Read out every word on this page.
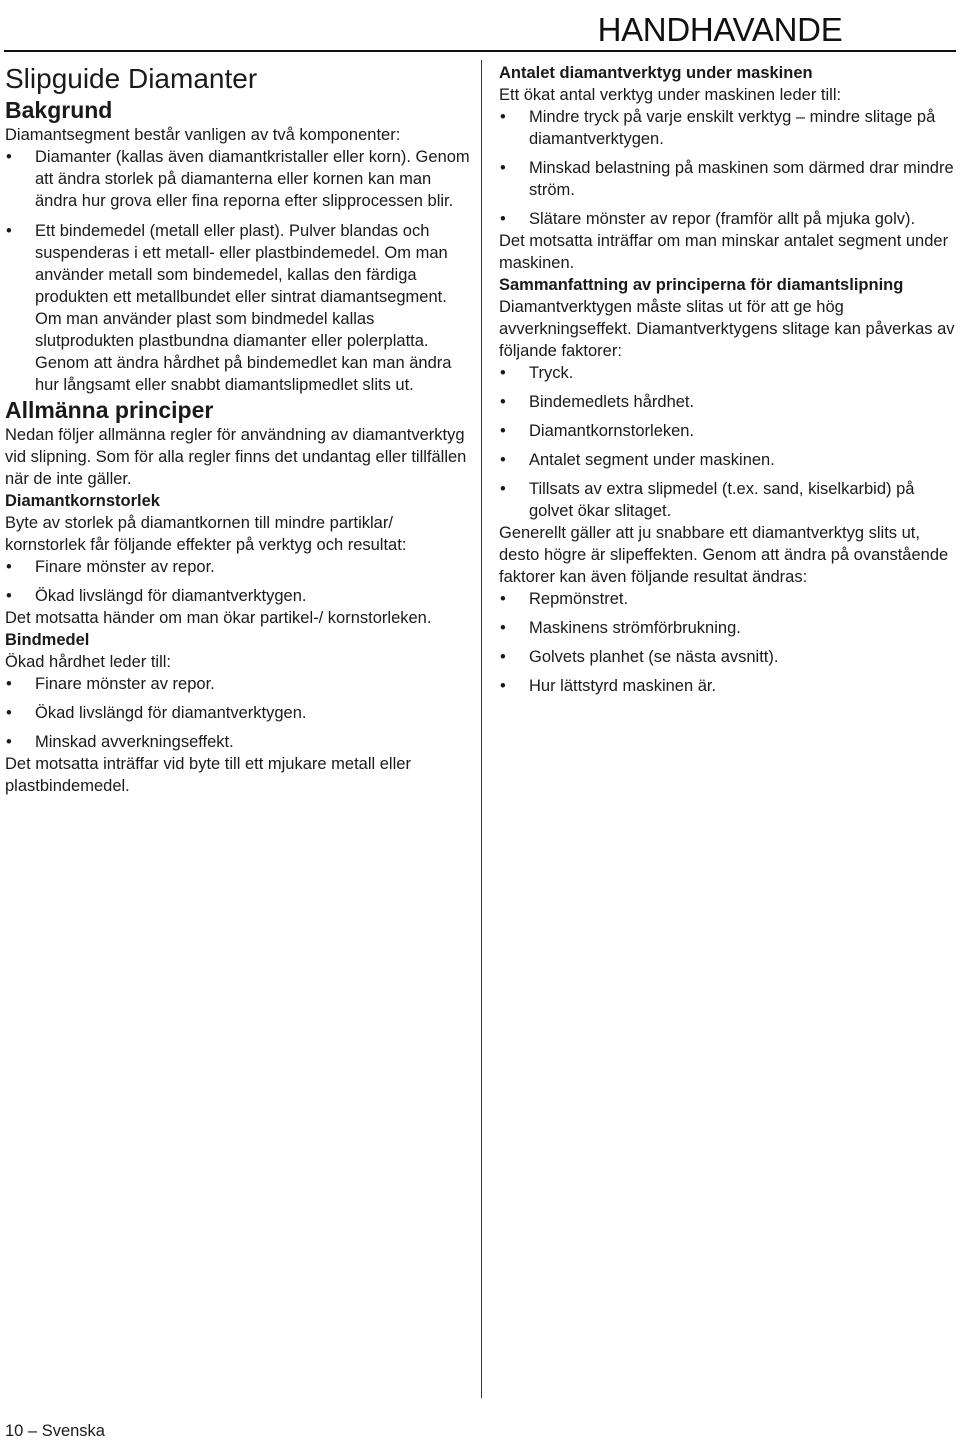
HANDHAVANDE
Slipguide Diamanter
Bakgrund

Diamantsegment består vanligen av två komponenter:

• Diamanter (kallas även diamantkristaller eller korn). Genom att ändra storlek på diamanterna eller kornen kan man ändra hur grova eller fina reporna efter slipprocessen blir.
• Ett bindemedel (metall eller plast). Pulver blandas och suspenderas i ett metall- eller plastbindemedel. Om man använder metall som bindemedel, kallas den färdiga produkten ett metallbundet eller sintrat diamantsegment. Om man använder plast som bindmedel kallas slutprodukten plastbundna diamanter eller polerplatta. Genom att ändra hårdhet på bindemedlet kan man ändra hur långsamt eller snabbt diamantslipmedlet slits ut.
Allmänna principer

Nedan följer allmänna regler för användning av diamantverktyg vid slipning. Som för alla regler finns det undantag eller tillfällen när de inte gäller.

Diamantkornstorlek

Byte av storlek på diamantkornen till mindre partiklar/ kornstorlek får följande effekter på verktyg och resultat:

• Finare mönster av repor.
• Ökad livslängd för diamantverktygen.

Det motsatta händer om man ökar partikel-/ kornstorleken.

Bindmedel

Ökad hårdhet leder till:

• Finare mönster av repor.
• Ökad livslängd för diamantverktygen.
• Minskad avverkningseffekt.

Det motsatta inträffar vid byte till ett mjukare metall eller plastbindemedel.

Antalet diamantverktyg under maskinen

Ett ökat antal verktyg under maskinen leder till:

• Mindre tryck på varje enskilt verktyg – mindre slitage på diamantverktygen.
• Minskad belastning på maskinen som därmed drar mindre ström.
• Slätare mönster av repor (framför allt på mjuka golv).

Det motsatta inträffar om man minskar antalet segment under maskinen.

Sammanfattning av principerna för diamantslipning

Diamantverktygen måste slitas ut för att ge hög avverkningseffekt. Diamantverktygens slitage kan påverkas av följande faktorer:

• Tryck.
• Bindemedlets hårdhet.
• Diamantkornstorleken.
• Antalet segment under maskinen.
• Tillsats av extra slipmedel (t.ex. sand, kiselkarbid) på golvet ökar slitaget.

Generellt gäller att ju snabbare ett diamantverktyg slits ut, desto högre är slipeffekten. Genom att ändra på ovanstående faktorer kan även följande resultat ändras:

• Repmönstret.
• Maskinens strömförbrukning.
• Golvets planhet (se nästa avsnitt).
• Hur lättstyrd maskinen är.
10 – Svenska
